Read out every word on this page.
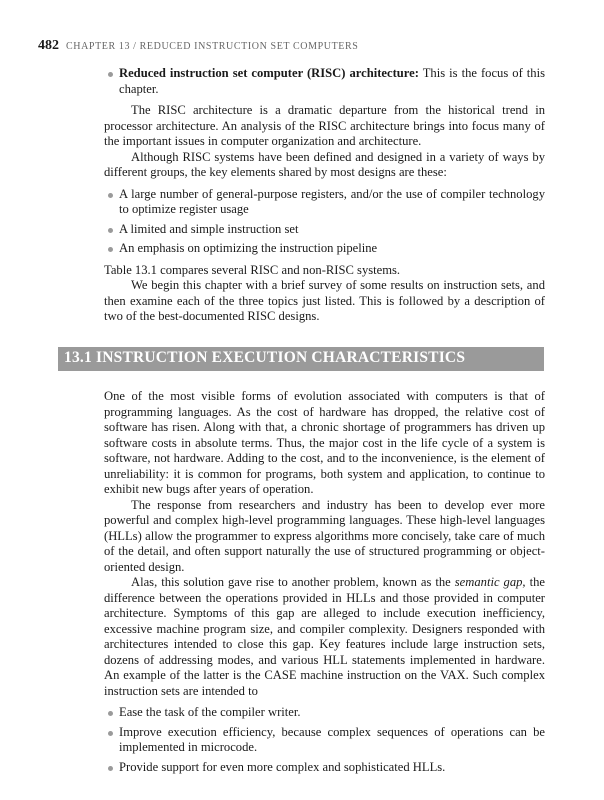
482 CHAPTER 13 / REDUCED INSTRUCTION SET COMPUTERS
Reduced instruction set computer (RISC) architecture: This is the focus of this chapter.

The RISC architecture is a dramatic departure from the historical trend in processor architecture. An analysis of the RISC architecture brings into focus many of the important issues in computer organization and architecture.

Although RISC systems have been defined and designed in a variety of ways by different groups, the key elements shared by most designs are these:

A large number of general-purpose registers, and/or the use of compiler technology to optimize register usage
A limited and simple instruction set
An emphasis on optimizing the instruction pipeline

Table 13.1 compares several RISC and non-RISC systems.

We begin this chapter with a brief survey of some results on instruction sets, and then examine each of the three topics just listed. This is followed by a description of two of the best-documented RISC designs.

13.1 INSTRUCTION EXECUTION CHARACTERISTICS

One of the most visible forms of evolution associated with computers is that of programming languages. As the cost of hardware has dropped, the relative cost of software has risen. Along with that, a chronic shortage of programmers has driven up software costs in absolute terms. Thus, the major cost in the life cycle of a system is software, not hardware. Adding to the cost, and to the inconvenience, is the element of unreliability: it is common for programs, both system and application, to continue to exhibit new bugs after years of operation.

The response from researchers and industry has been to develop ever more powerful and complex high-level programming languages. These high-level languages (HLLs) allow the programmer to express algorithms more concisely, take care of much of the detail, and often support naturally the use of structured programming or object-oriented design.

Alas, this solution gave rise to another problem, known as the semantic gap, the difference between the operations provided in HLLs and those provided in computer architecture. Symptoms of this gap are alleged to include execution inefficiency, excessive machine program size, and compiler complexity. Designers responded with architectures intended to close this gap. Key features include large instruction sets, dozens of addressing modes, and various HLL statements implemented in hardware. An example of the latter is the CASE machine instruction on the VAX. Such complex instruction sets are intended to

Ease the task of the compiler writer.
Improve execution efficiency, because complex sequences of operations can be implemented in microcode.
Provide support for even more complex and sophisticated HLLs.
